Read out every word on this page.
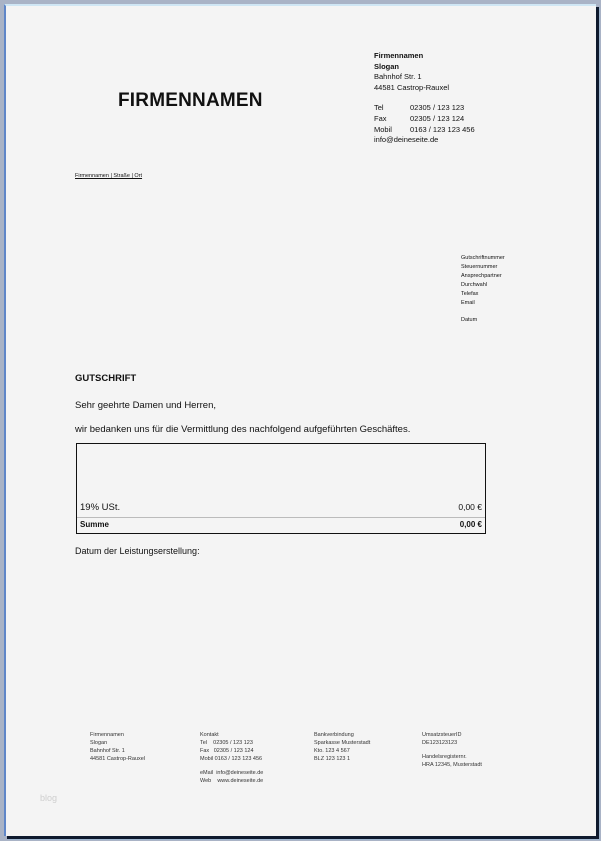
FIRMENNAMEN
Firmennamen
Slogan
Bahnhof Str. 1
44581 Castrop-Rauxel
Tel	02305 / 123 123
Fax	02305 / 123 124
Mobil	0163 / 123 123 456
info@deineseite.de
Firmennamen | Straße | Ort
Gutschriftnummer
Steuernummer
Ansprechpartner
Durchwahl
Telefax
Email
Datum
GUTSCHRIFT
Sehr geehrte Damen und Herren,
wir bedanken uns für die Vermittlung des nachfolgend aufgeführten Geschäftes.
19% USt.	0,00 €
Summe	0,00 €
Datum der Leistungserstellung:
Firmennamen
Slogan
Bahnhof Str. 1
44581 Castrop-Rauxel
Kontakt
Tel    02305 / 123 123
Fax   02305 / 123 124
Mobil 0163 / 123 123 456
eMail  info@deineseite.de
Web    www.deineseite.de
Bankverbindung
Sparkasse Musterstadt
Kto. 123 4 567
BLZ 123 123 1
UmsatzsteuerID
DE123123123
Handelsregisternr.
HRA 12345, Musterstadt
blog
